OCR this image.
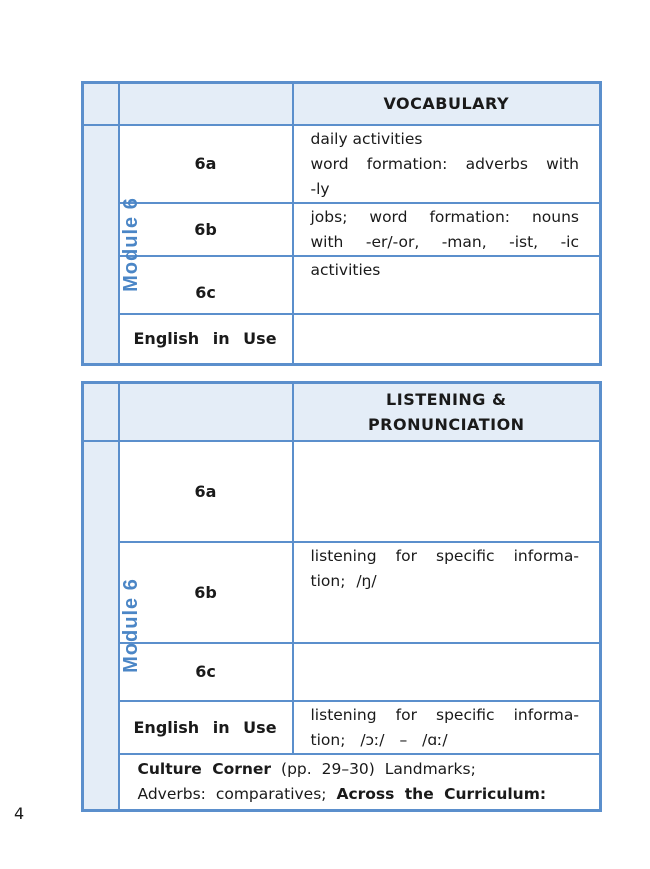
		VOCABULARY
Module 6	6a	daily activities
word formation: adverbs with
-ly

	6b	jobs; word formation: nouns
with -er/-or, -man, -ist, -ic

	6c	activities

	English in Use	

		LISTENING &
PRONUNCIATION

Module 6	6a	
	6b	listening for specific informa-
tion; /ŋ/

	6c	
	English in Use	listening for specific informa-
tion; /ɔː/ – /ɑː/

	Culture Corner (pp. 29–30) Landmarks;
Adverbs: comparatives; Across the Curriculum:	
4
